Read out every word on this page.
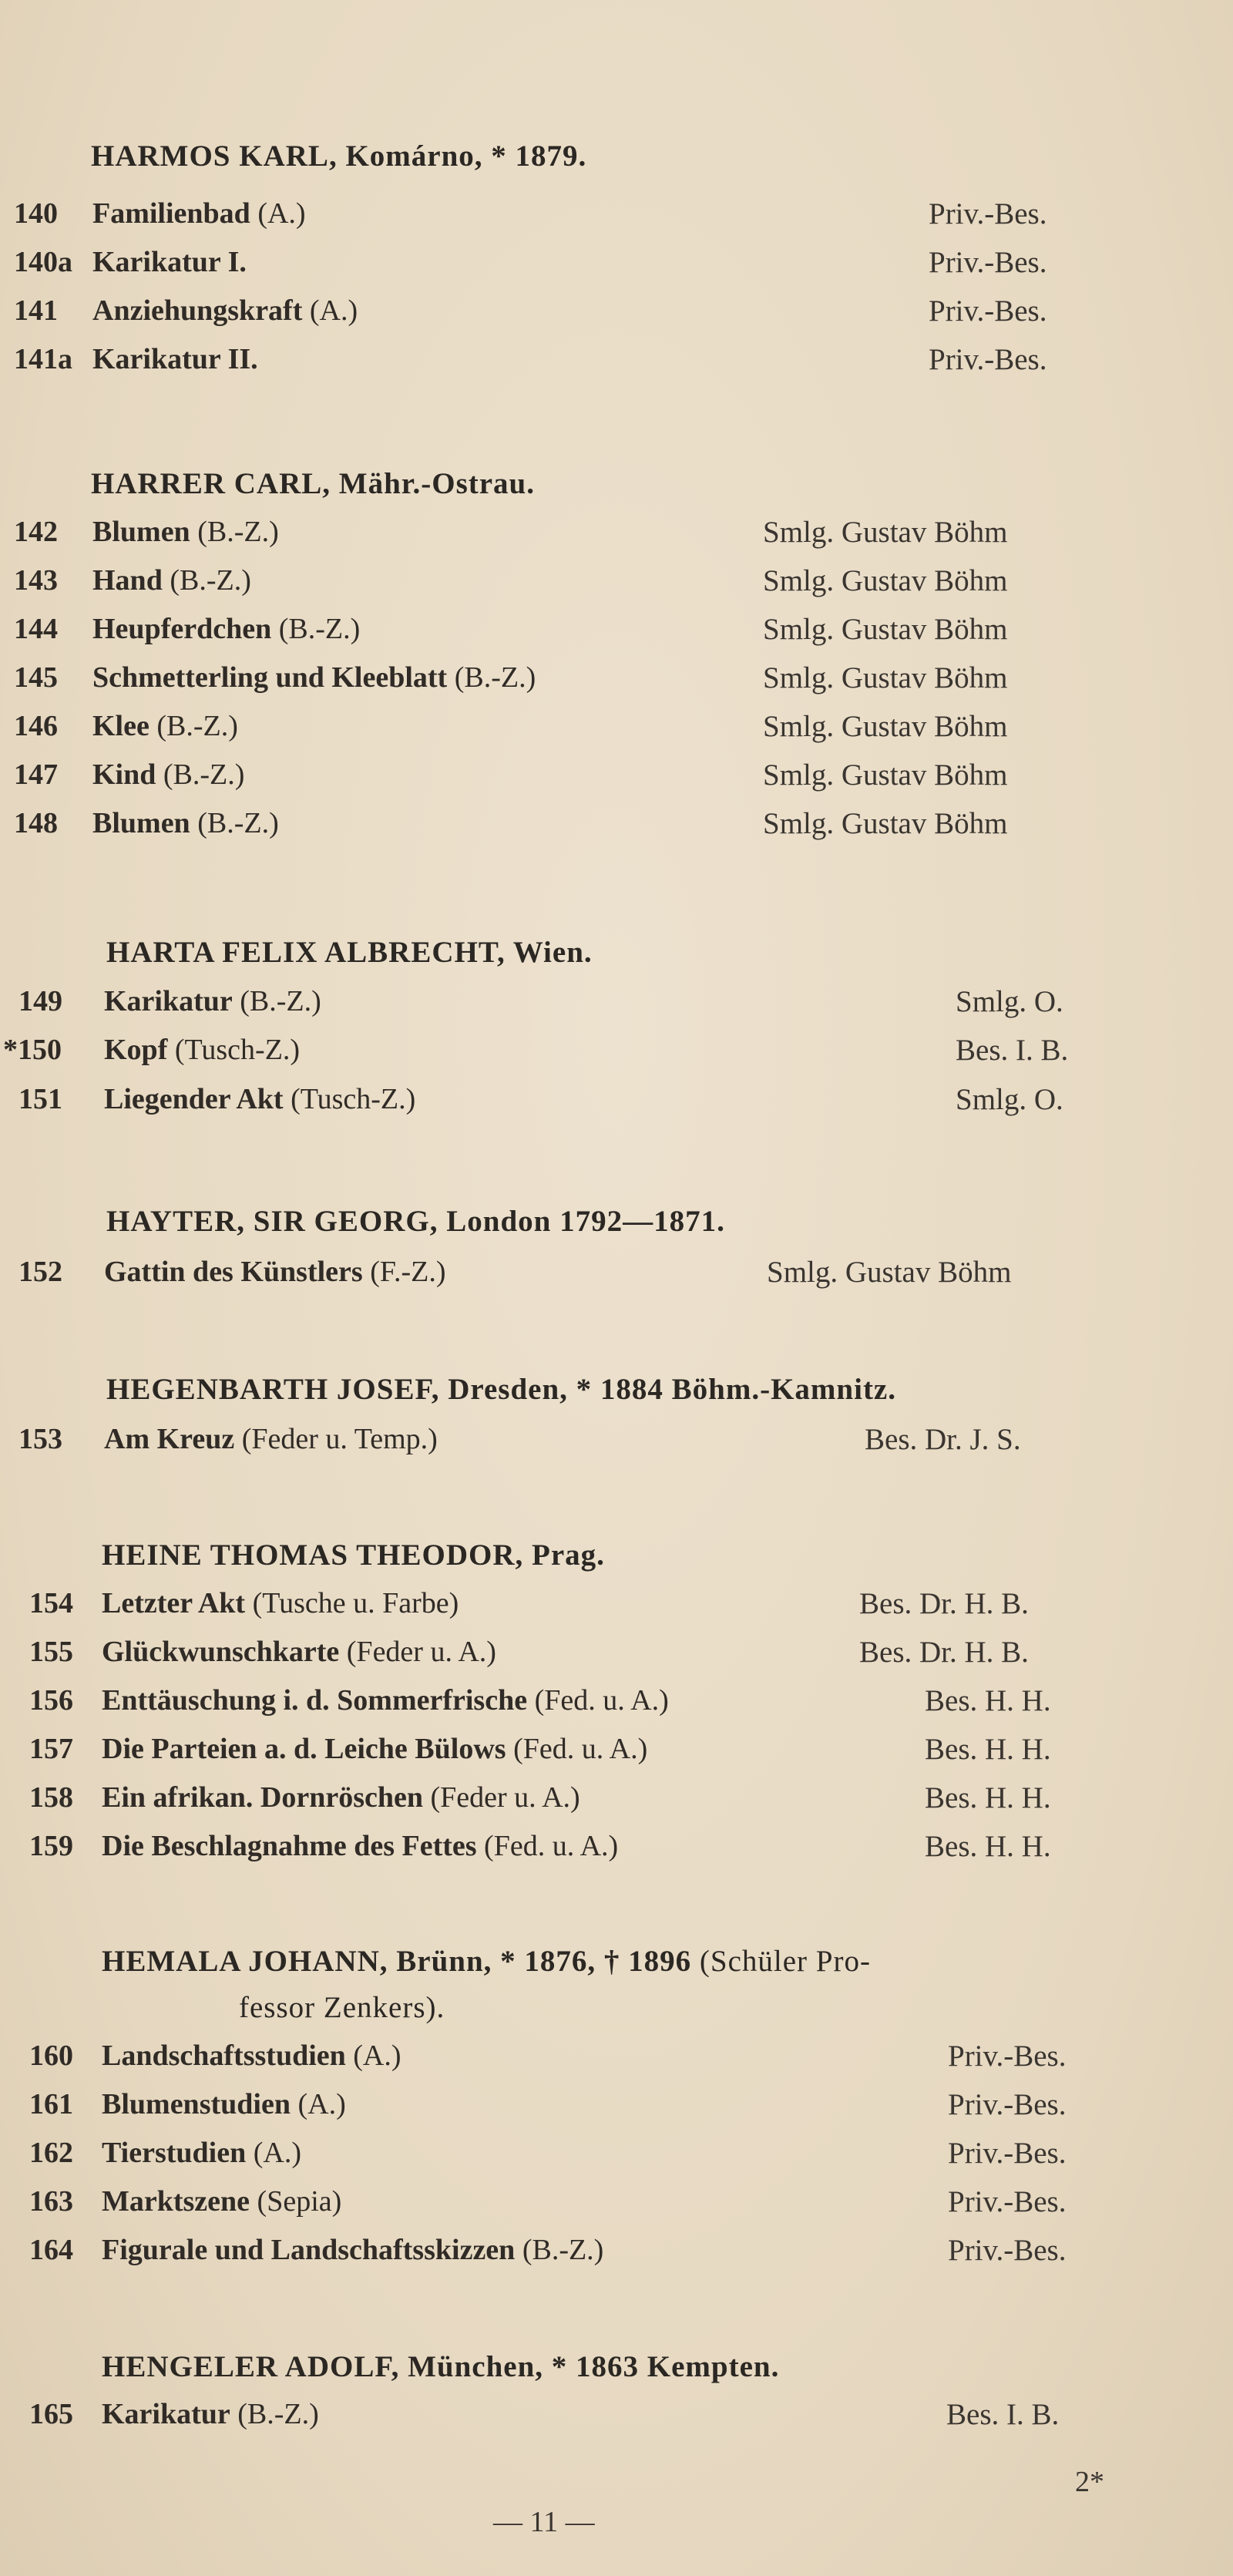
HARMOS KARL, Komárno, * 1879.
140 Familienbad (A.)	Priv.-Bes.
140a Karikatur I.	Priv.-Bes.
141 Anziehungskraft (A.)	Priv.-Bes.
141a Karikatur II.	Priv.-Bes.
HARRER CARL, Mähr.-Ostrau.
142 Blumen (B.-Z.)	Smlg. Gustav Böhm
143 Hand (B.-Z.)	Smlg. Gustav Böhm
144 Heupferdchen (B.-Z.)	Smlg. Gustav Böhm
145 Schmetterling und Kleeblatt (B.-Z.)	Smlg. Gustav Böhm
146 Klee (B.-Z.)	Smlg. Gustav Böhm
147 Kind (B.-Z.)	Smlg. Gustav Böhm
148 Blumen (B.-Z.)	Smlg. Gustav Böhm
HARTA FELIX ALBRECHT, Wien.
149 Karikatur (B.-Z.)	Smlg. O.
*150 Kopf (Tusch-Z.)	Bes. I. B.
151 Liegender Akt (Tusch-Z.)	Smlg. O.
HAYTER, SIR GEORG, London 1792—1871.
152 Gattin des Künstlers (F.-Z.)	Smlg. Gustav Böhm
HEGENBARTH JOSEF, Dresden, * 1884 Böhm.-Kamnitz.
153 Am Kreuz (Feder u. Temp.)	Bes. Dr. J. S.
HEINE THOMAS THEODOR, Prag.
154 Letzter Akt (Tusche u. Farbe)	Bes. Dr. H. B.
155 Glückwunschkarte (Feder u. A.)	Bes. Dr. H. B.
156 Enttäuschung i. d. Sommerfrische (Fed. u. A.)	Bes. H. H.
157 Die Parteien a. d. Leiche Bülows (Fed. u. A.)	Bes. H. H.
158 Ein afrikan. Dornröschen (Feder u. A.)	Bes. H. H.
159 Die Beschlagnahme des Fettes (Fed. u. A.)	Bes. H. H.
HEMALA JOHANN, Brünn, * 1876, † 1896 (Schüler Pro-
fessor Zenkers).
160 Landschaftsstudien (A.)	Priv.-Bes.
161 Blumenstudien (A.)	Priv.-Bes.
162 Tierstudien (A.)	Priv.-Bes.
163 Marktszene (Sepia)	Priv.-Bes.
164 Figurale und Landschaftsskizzen (B.-Z.)	Priv.-Bes.
HENGELER ADOLF, München, * 1863 Kempten.
165 Karikatur (B.-Z.)	Bes. I. B.
2*
— 11 —
